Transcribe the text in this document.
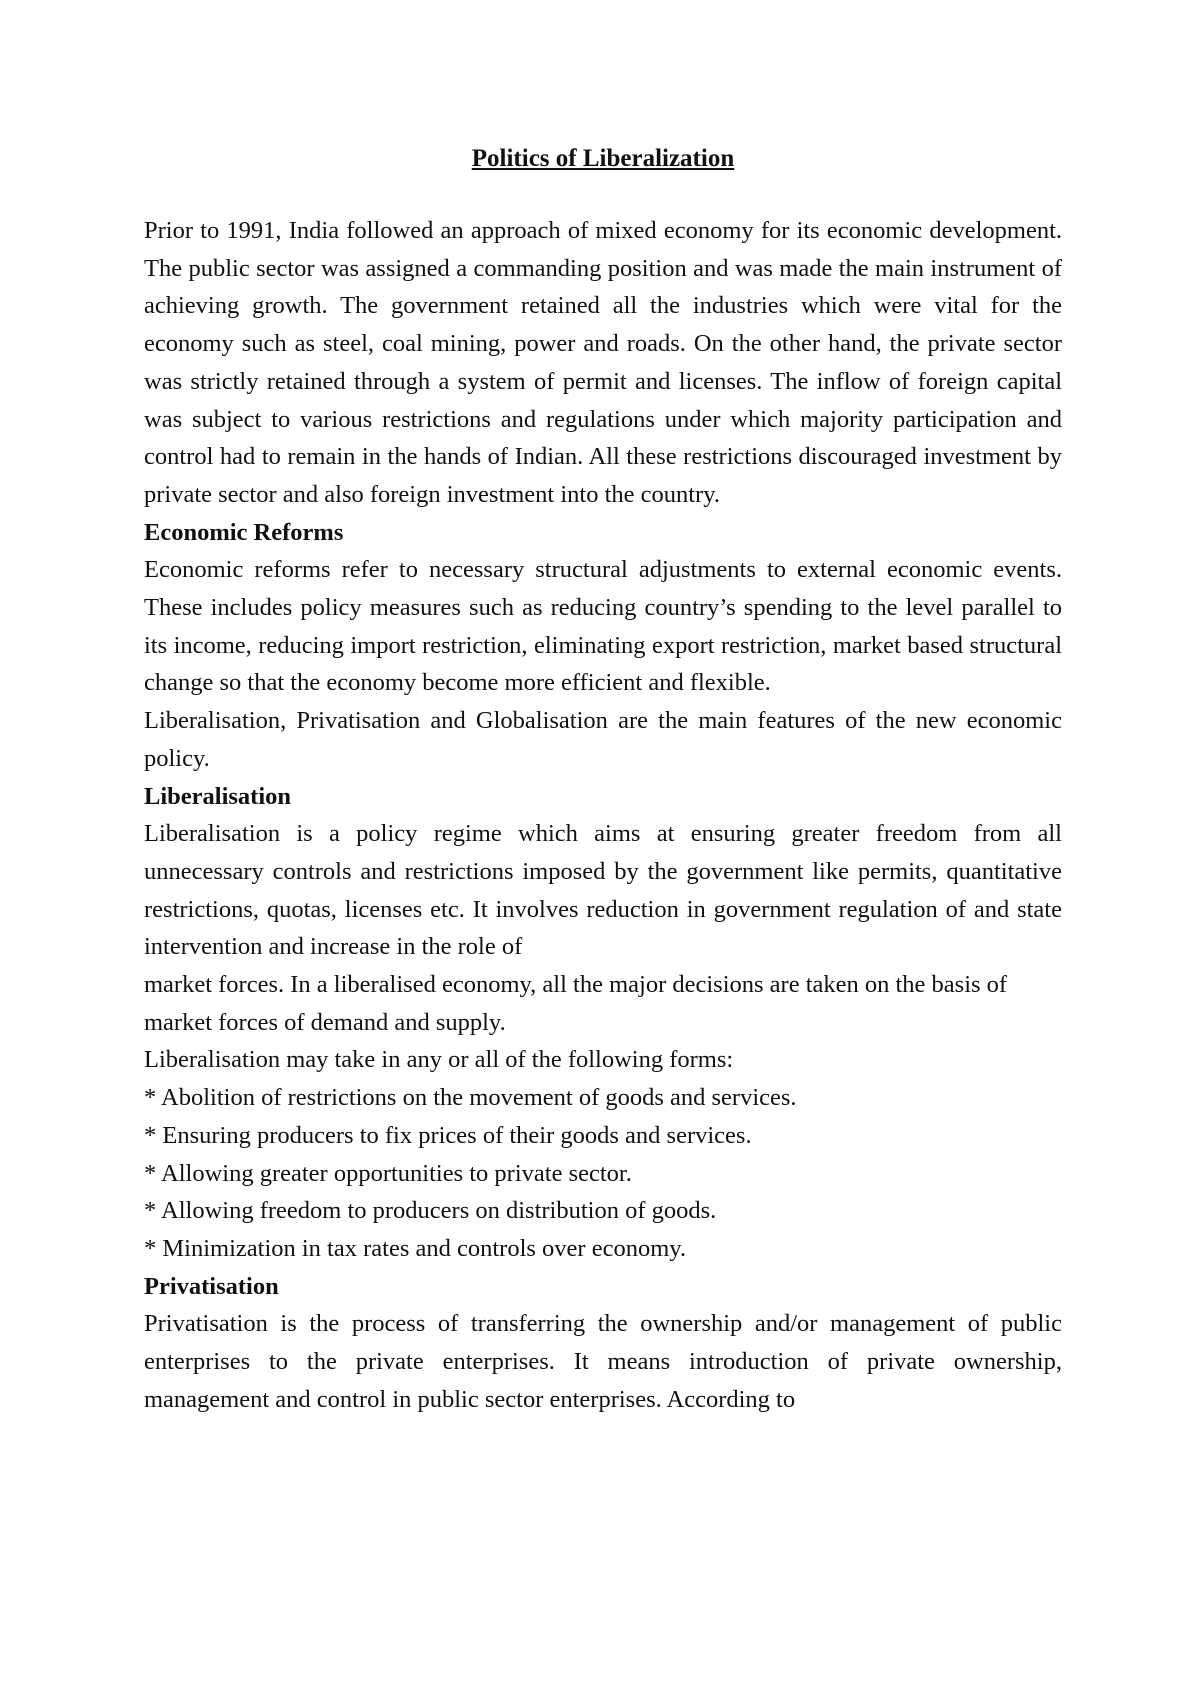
Politics of Liberalization

Prior to 1991, India followed an approach of mixed economy for its economic development. The public sector was assigned a commanding position and was made the main instrument of achieving growth. The government retained all the industries which were vital for the economy such as steel, coal mining, power and roads. On the other hand, the private sector was strictly retained through a system of permit and licenses. The inflow of foreign capital was subject to various restrictions and regulations under which majority participation and control had to remain in the hands of Indian. All these restrictions discouraged investment by private sector and also foreign investment into the country.

Economic Reforms

Economic reforms refer to necessary structural adjustments to external economic events. These includes policy measures such as reducing country’s spending to the level parallel to its income, reducing import restriction, eliminating export restriction, market based structural change so that the economy become more efficient and flexible.

Liberalisation, Privatisation and Globalisation are the main features of the new economic policy.

Liberalisation

Liberalisation is a policy regime which aims at ensuring greater freedom from all unnecessary controls and restrictions imposed by the government like permits, quantitative restrictions, quotas, licenses etc. It involves reduction in government regulation of and state intervention and increase in the role of

market forces. In a liberalised economy, all the major decisions are taken on the basis of market forces of demand and supply.

Liberalisation may take in any or all of the following forms:

* Abolition of restrictions on the movement of goods and services.
* Ensuring producers to fix prices of their goods and services.
* Allowing greater opportunities to private sector.
* Allowing freedom to producers on distribution of goods.
* Minimization in tax rates and controls over economy.
Privatisation

Privatisation is the process of transferring the ownership and/or management of public enterprises to the private enterprises. It means introduction of private ownership, management and control in public sector enterprises. According to
